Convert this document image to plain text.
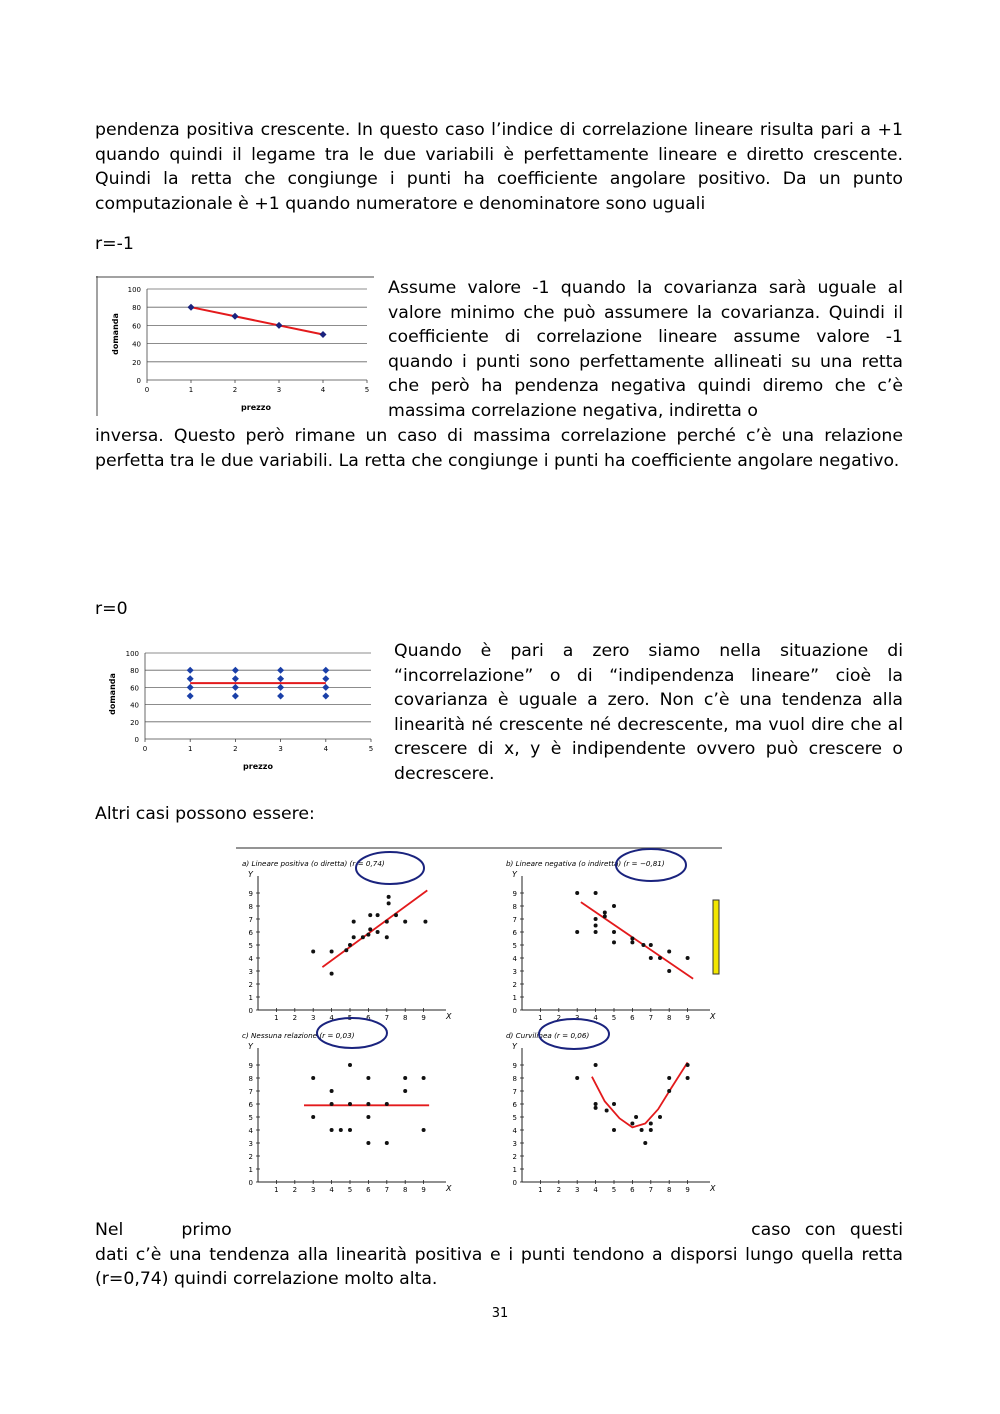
pendenza positiva crescente. In questo caso l’indice di correlazione lineare risulta pari a +1 quando quindi il legame tra le due variabili è perfettamente lineare e diretto crescente. Quindi la retta che congiunge i punti ha coefficiente angolare positivo. Da un punto computazionale è +1 quando numeratore e denominatore sono uguali

r=-1

0
20
40
60
80
100
0	1	2	3	4	5
domanda
prezzo

Assume valore -1 quando la covarianza sarà uguale al valore minimo che può assumere la covarianza. Quindi il coefficiente di correlazione lineare assume valore -1 quando i punti sono perfettamente allineati su una retta che però ha pendenza negativa quindi diremo che c’è massima correlazione negativa, indiretta o

inversa. Questo però rimane un caso di massima correlazione perché c’è una relazione perfetta tra le due variabili. La retta che congiunge i punti ha coefficiente angolare negativo.

r=0

0
20
40
60
80
100
0	1	2	3	4	5
domanda
prezzo

Quando è pari a zero siamo nella situazione di “incorrelazione” o di “indipendenza lineare” cioè la covarianza è uguale a zero. Non c’è una tendenza alla linearità né crescente né decrescente, ma vuol dire che al crescere di x, y è indipendente ovvero può crescere o decrescere.

Altri casi possono essere:

a) Lineare positiva (o diretta) (r = 0,74)
Y
X
0
1
2
3
4
5
6
7
8
9
1 2 3 4 5 6 7 8 9
b) Lineare negativa (o indiretta) (r = −0,81)
Y
X
0
1
2
3
4
5
6
7
8
9
1 2 3 4 5 6 7 8 9
c) Nessuna relazione (r = 0,03)
Y
X
0
1
2
3
4
5
6
7
8
9
1 2 3 4 5 6 7 8 9
d) Curvilinea (r = 0,06)
Y
X
0
1
2
3
4
5
6
7
8
9
1 2 3 4 5 6 7 8 9
Nel	primo	caso con questi
dati c’è una tendenza alla linearità positiva e i punti tendono a disporsi lungo quella retta (r=0,74) quindi correlazione molto alta.
31
